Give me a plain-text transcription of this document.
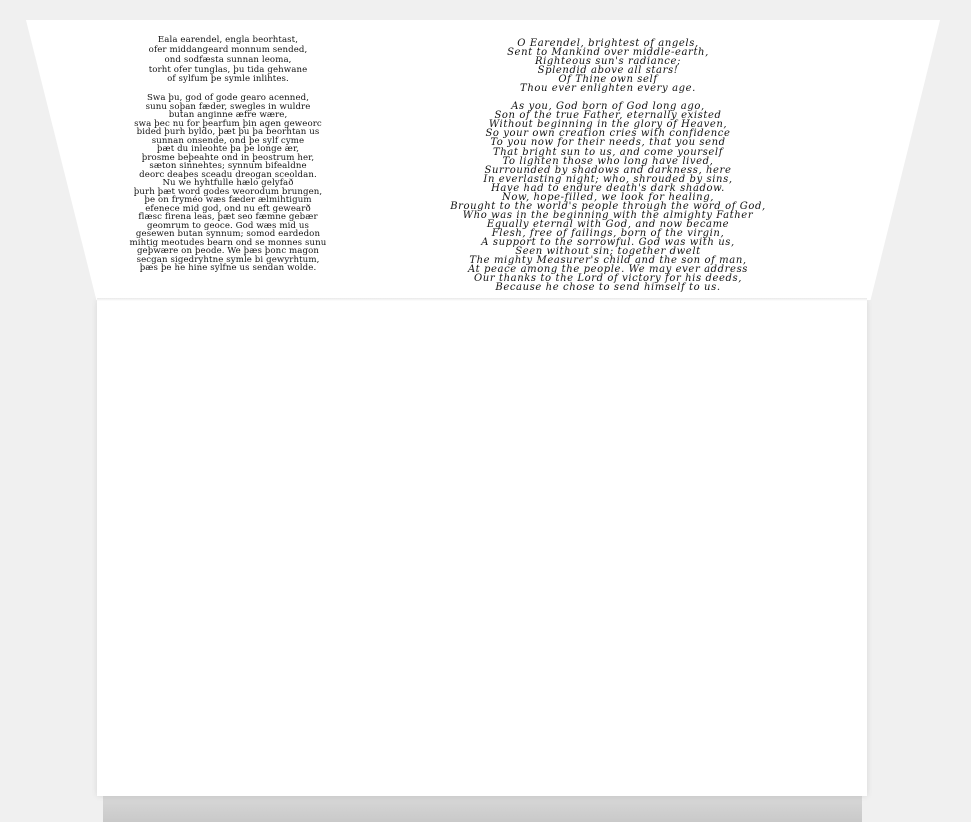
Eala earendel, engla beorhtast,
ofer middangeard monnum sended,
ond sodfæsta sunnan leoma,
torht ofer tunglas, þu tida gehwane
of sylfum þe symle inlihtes.
Swa þu, god of gode gearo acenned,
sunu soþan fæder, swegles in wuldre
butan anginne æfre wære,
swa þec nu for þearfum þin agen geweorc
bided þurh byldo, þæt þu þa beorhtan us
sunnan onsende, ond þe sylf cyme
þæt du inleohte þa þe longe ær,
þrosme beþeahte ond in þeostrum her,
sæton sinnehtes; synnum bifealdne
deorc deaþes sceadu dreogan sceoldan.
Nu we hyhtfulle hælo gelyfað
þurh þæt word godes weorodum brungen,
þe on fryméo wæs fæder ælmihtigum
efenece mid god, ond nu eft gewearð
flæsc firena leas, þæt seo fæmne gebær
geomrum to geoce. God wæs mid us
gesewen butan synnum; somod eardedon
mihtig meotudes bearn ond se monnes sunu
geþwære on þeode. We þæs þonc magon
secgan sigedryhtne symle bi gewyrhtum,
þæs þe he hine sylfne us sendan wolde.
O Earendel, brightest of angels,
Sent to Mankind over middle-earth,
Righteous sun's radiance;
Splendid above all stars!
Of Thine own self
Thou ever enlighten every age.
As you, God born of God long ago,
Son of the true Father, eternally existed
Without beginning in the glory of Heaven,
So your own creation cries with confidence
To you now for their needs, that you send
That bright sun to us, and come yourself
To lighten those who long have lived,
Surrounded by shadows and darkness, here
In everlasting night; who, shrouded by sins,
Have had to endure death's dark shadow.
Now, hope-filled, we look for healing,
Brought to the world's people through the word of God,
Who was in the beginning with the almighty Father
Equally eternal with God, and now became
Flesh, free of failings, born of the virgin,
A support to the sorrowful. God was with us,
Seen without sin; together dwelt
The mighty Measurer's child and the son of man,
At peace among the people. We may ever address
Our thanks to the Lord of victory for his deeds,
Because he chose to send himself to us.
